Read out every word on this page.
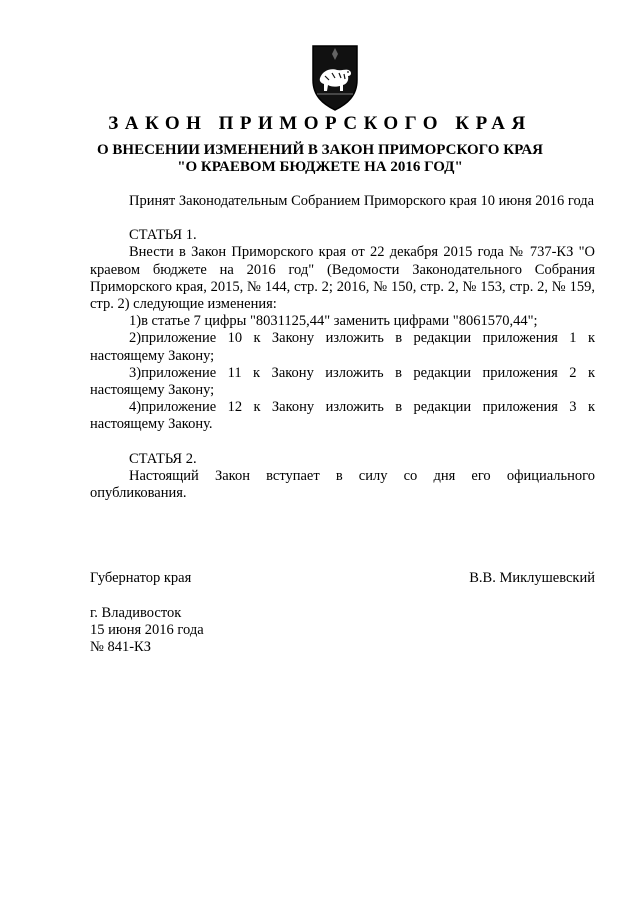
ЗАКОН ПРИМОРСКОГО КРАЯ
О ВНЕСЕНИИ ИЗМЕНЕНИЙ В ЗАКОН ПРИМОРСКОГО КРАЯ
"О КРАЕВОМ БЮДЖЕТЕ НА 2016 ГОД"

Принят Законодательным Собранием Приморского края 10 июня 2016 года

СТАТЬЯ 1.

Внести в Закон Приморского края от 22 декабря 2015 года № 737-КЗ "О краевом бюджете на 2016 год" (Ведомости Законодательного Собрания Приморского края, 2015, № 144, стр. 2; 2016, № 150, стр. 2, № 153, стр. 2, № 159, стр. 2) следующие изменения:

1)в статье 7 цифры "8031125,44" заменить цифрами "8061570,44";

2)приложение 10 к Закону изложить в редакции приложения 1 к настоящему Закону;

3)приложение 11 к Закону изложить в редакции приложения 2 к настоящему Закону;

4)приложение 12 к Закону изложить в редакции приложения 3 к настоящему Закону.

СТАТЬЯ 2.

Настоящий Закон вступает в силу со дня его официального опубликования.

Губернатор края	В.В. Миклушевский
г. Владивосток
15 июня 2016 года
№ 841-КЗ
